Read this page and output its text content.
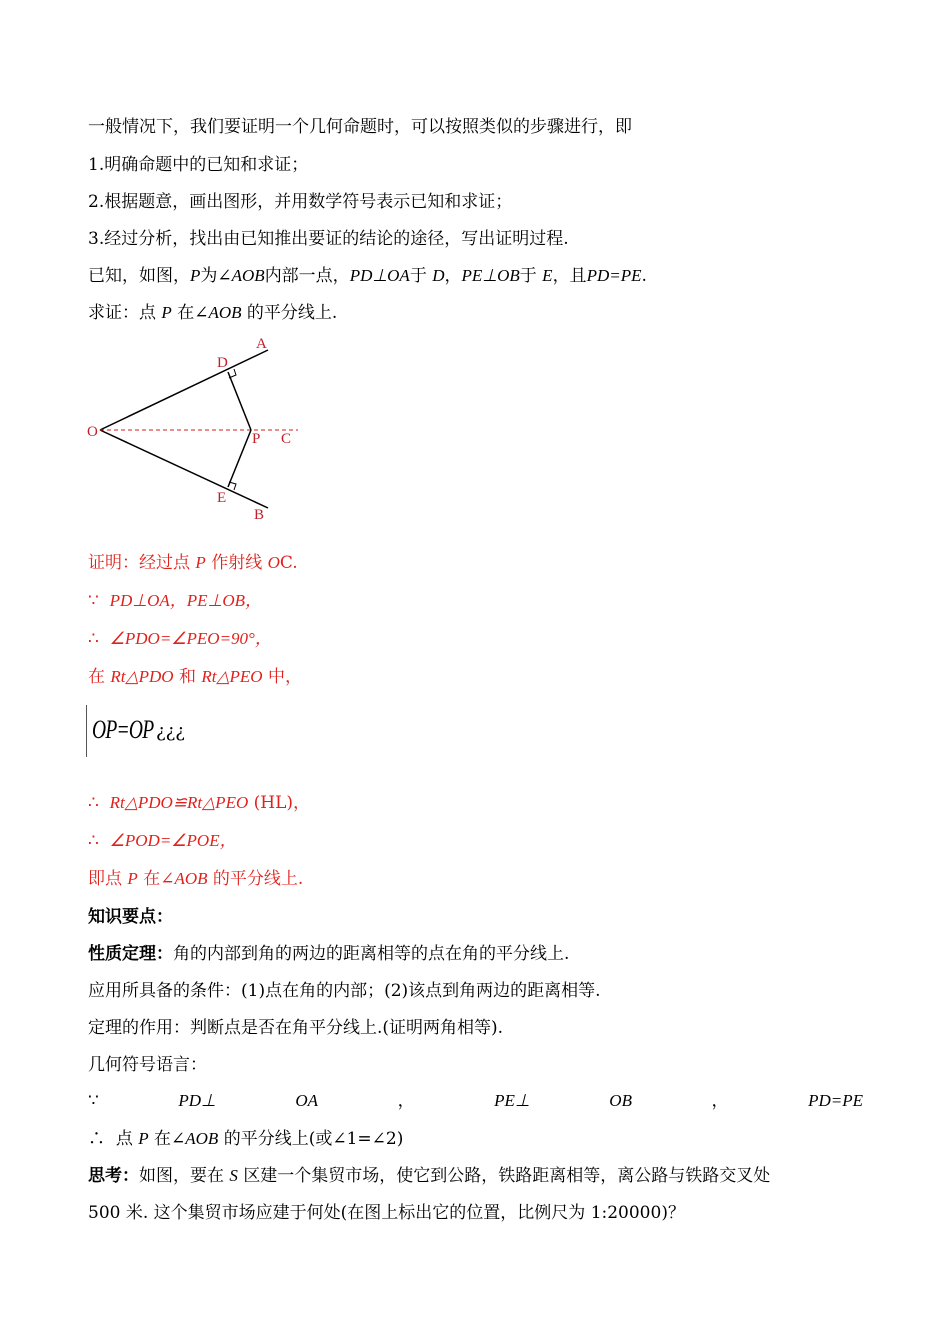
一般情况下，我们要证明一个几何命题时，可以按照类似的步骤进行，即
1.明确命题中的已知和求证；
2.根据题意，画出图形，并用数学符号表示已知和求证；
3.经过分析，找出由已知推出要证的结论的途径，写出证明过程.
已知，如图，P为∠AOB内部一点，PD⊥OA于 D，PE⊥OB于 E，且PD=PE.
求证：点 P 在∠AOB 的平分线上.
O
A
D
P C
E
B
证明：经过点 P 作射线 OC.
∵ PD⊥OA，PE⊥OB，
∴ ∠PDO=∠PEO=90°，
在 Rt△PDO 和 Rt△PEO 中，
OP=OP ¿¿¿
∴ Rt△PDO≌Rt△PEO (HL)，
∴ ∠POD=∠POE，
即点 P 在∠AOB 的平分线上.
知识要点：
性质定理：角的内部到角的两边的距离相等的点在角的平分线上.
应用所具备的条件：(1)点在角的内部；(2)该点到角两边的距离相等.
定理的作用：判断点是否在角平分线上.(证明两角相等).
几何符号语言：
∵	PD⊥	OA	，	PE⊥	OB	，	PD=PE
∴ 点 P 在∠AOB 的平分线上(或∠1=∠2)
思考：如图，要在 S 区建一个集贸市场，使它到公路，铁路距离相等，离公路与铁路交叉处
500 米. 这个集贸市场应建于何处(在图上标出它的位置，比例尺为 1:20000)？
